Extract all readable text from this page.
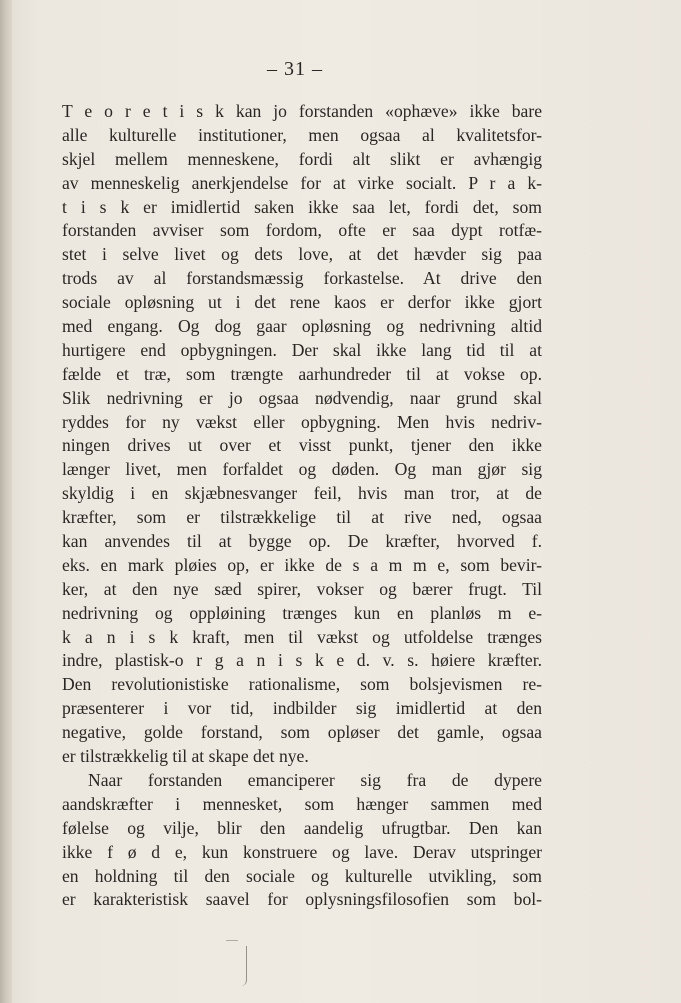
– 31 –
T e o r e t i s k kan jo forstanden «ophæve» ikke bare
alle kulturelle institutioner, men ogsaa al kvalitetsfor-
skjel mellem menneskene, fordi alt slikt er avhængig
av menneskelig anerkjendelse for at virke socialt. P r a k-
t i s k er imidlertid saken ikke saa let, fordi det, som
forstanden avviser som fordom, ofte er saa dypt rotfæ-
stet i selve livet og dets love, at det hævder sig paa
trods av al forstandsmæssig forkastelse. At drive den
sociale opløsning ut i det rene kaos er derfor ikke gjort
med engang. Og dog gaar opløsning og nedrivning altid
hurtigere end opbygningen. Der skal ikke lang tid til at
fælde et træ, som trængte aarhundreder til at vokse op.
Slik nedrivning er jo ogsaa nødvendig, naar grund skal
ryddes for ny vækst eller opbygning. Men hvis nedriv-
ningen drives ut over et visst punkt, tjener den ikke
længer livet, men forfaldet og døden. Og man gjør sig
skyldig i en skjæbnesvanger feil, hvis man tror, at de
kræfter, som er tilstrækkelige til at rive ned, ogsaa
kan anvendes til at bygge op. De kræfter, hvorved f.
eks. en mark pløies op, er ikke de s a m m e, som bevir-
ker, at den nye sæd spirer, vokser og bærer frugt. Til
nedrivning og oppløining trænges kun en planløs m e-
k a n i s k kraft, men til vækst og utfoldelse trænges
indre, plastisk-o r g a n i s k e d. v. s. høiere kræfter.
Den revolutionistiske rationalisme, som bolsjevismen re-
præsenterer i vor tid, indbilder sig imidlertid at den
negative, golde forstand, som opløser det gamle, ogsaa
er tilstrækkelig til at skape det nye.
Naar forstanden emanciperer sig fra de dypere
aandskræfter i mennesket, som hænger sammen med
følelse og vilje, blir den aandelig ufrugtbar. Den kan
ikke f ø d e, kun konstruere og lave. Derav utspringer
en holdning til den sociale og kulturelle utvikling, som
er karakteristisk saavel for oplysningsfilosofien som bol-
